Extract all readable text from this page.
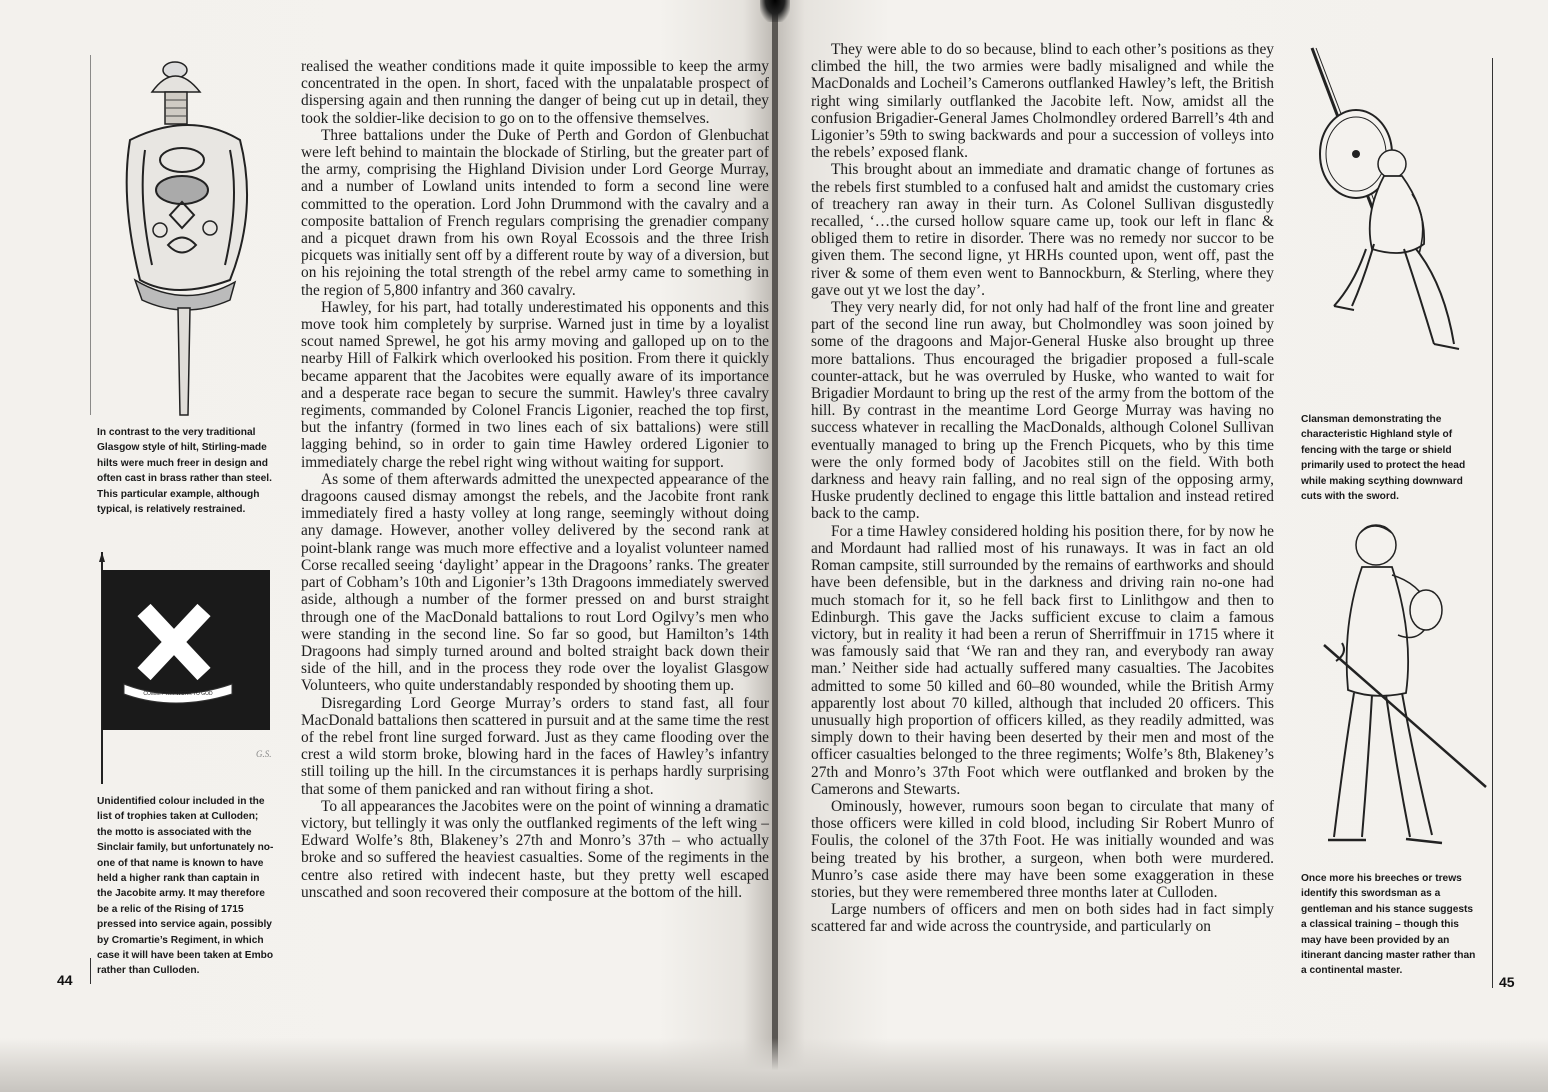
In contrast to the very traditional Glasgow style of hilt, Stirling-made hilts were much freer in design and often cast in brass rather than steel. This particular example, although typical, is relatively restrained.
COMMIT THY WORK TO GOD
G.S.
Unidentified colour included in the list of trophies taken at Culloden; the motto is associated with the Sinclair family, but unfortunately no-one of that name is known to have held a higher rank than captain in the Jacobite army. It may therefore be a relic of the Rising of 1715 pressed into service again, possibly by Cromartie’s Regiment, in which case it will have been taken at Embo rather than Culloden.
44

realised the weather conditions made it quite impossible to keep the army concentrated in the open. In short, faced with the unpalatable prospect of dispersing again and then running the danger of being cut up in detail, they took the soldier-like decision to go on to the offensive themselves.

Three battalions under the Duke of Perth and Gordon of Glenbuchat were left behind to maintain the blockade of Stirling, but the greater part of the army, comprising the Highland Division under Lord George Murray, and a number of Lowland units intended to form a second line were committed to the operation. Lord John Drummond with the cavalry and a composite battalion of French regulars comprising the grenadier company and a picquet drawn from his own Royal Ecossois and the three Irish picquets was initially sent off by a different route by way of a diversion, but on his rejoining the total strength of the rebel army came to something in the region of 5,800 infantry and 360 cavalry.

Hawley, for his part, had totally underestimated his opponents and this move took him completely by surprise. Warned just in time by a loyalist scout named Sprewel, he got his army moving and galloped up on to the nearby Hill of Falkirk which overlooked his position. From there it quickly became apparent that the Jacobites were equally aware of its importance and a desperate race began to secure the summit. Hawley's three cavalry regiments, commanded by Colonel Francis Ligonier, reached the top first, but the infantry (formed in two lines each of six battalions) were still lagging behind, so in order to gain time Hawley ordered Ligonier to immediately charge the rebel right wing without waiting for support.

As some of them afterwards admitted the unexpected appearance of the dragoons caused dismay amongst the rebels, and the Jacobite front rank immediately fired a hasty volley at long range, seemingly without doing any damage. However, another volley delivered by the second rank at point-blank range was much more effective and a loyalist volunteer named Corse recalled seeing ‘daylight’ appear in the Dragoons’ ranks. The greater part of Cobham’s 10th and Ligonier’s 13th Dragoons immediately swerved aside, although a number of the former pressed on and burst straight through one of the MacDonald battalions to rout Lord Ogilvy’s men who were standing in the second line. So far so good, but Hamilton’s 14th Dragoons had simply turned around and bolted straight back down their side of the hill, and in the process they rode over the loyalist Glasgow Volunteers, who quite understandably responded by shooting them up.

Disregarding Lord George Murray’s orders to stand fast, all four MacDonald battalions then scattered in pursuit and at the same time the rest of the rebel front line surged forward. Just as they came flooding over the crest a wild storm broke, blowing hard in the faces of Hawley’s infantry still toiling up the hill. In the circumstances it is perhaps hardly surprising that some of them panicked and ran without firing a shot.

To all appearances the Jacobites were on the point of winning a dramatic victory, but tellingly it was only the outflanked regiments of the left wing – Edward Wolfe’s 8th, Blakeney’s 27th and Monro’s 37th – who actually broke and so suffered the heaviest casualties. Some of the regiments in the centre also retired with indecent haste, but they pretty well escaped unscathed and soon recovered their composure at the bottom of the hill.

They were able to do so because, blind to each other’s positions as they climbed the hill, the two armies were badly misaligned and while the MacDonalds and Locheil’s Camerons outflanked Hawley’s left, the British right wing similarly outflanked the Jacobite left. Now, amidst all the confusion Brigadier-General James Cholmondley ordered Barrell’s 4th and Ligonier’s 59th to swing backwards and pour a succession of volleys into the rebels’ exposed flank.

This brought about an immediate and dramatic change of fortunes as the rebels first stumbled to a confused halt and amidst the customary cries of treachery ran away in their turn. As Colonel Sullivan disgustedly recalled, ‘…the cursed hollow square came up, took our left in flanc & obliged them to retire in disorder. There was no remedy nor succor to be given them. The second ligne, yt HRHs counted upon, went off, past the river & some of them even went to Bannockburn, & Sterling, where they gave out yt we lost the day’.

They very nearly did, for not only had half of the front line and greater part of the second line run away, but Cholmondley was soon joined by some of the dragoons and Major-General Huske also brought up three more battalions. Thus encouraged the brigadier proposed a full-scale counter-attack, but he was overruled by Huske, who wanted to wait for Brigadier Mordaunt to bring up the rest of the army from the bottom of the hill. By contrast in the meantime Lord George Murray was having no success whatever in recalling the MacDonalds, although Colonel Sullivan eventually managed to bring up the French Picquets, who by this time were the only formed body of Jacobites still on the field. With both darkness and heavy rain falling, and no real sign of the opposing army, Huske prudently declined to engage this little battalion and instead retired back to the camp.

For a time Hawley considered holding his position there, for by now he and Mordaunt had rallied most of his runaways. It was in fact an old Roman campsite, still surrounded by the remains of earthworks and should have been defensible, but in the darkness and driving rain no-one had much stomach for it, so he fell back first to Linlithgow and then to Edinburgh. This gave the Jacks sufficient excuse to claim a famous victory, but in reality it had been a rerun of Sherriffmuir in 1715 where it was famously said that ‘We ran and they ran, and everybody ran away man.’ Neither side had actually suffered many casualties. The Jacobites admitted to some 50 killed and 60–80 wounded, while the British Army apparently lost about 70 killed, although that included 20 officers. This unusually high proportion of officers killed, as they readily admitted, was simply down to their having been deserted by their men and most of the officer casualties belonged to the three regiments; Wolfe’s 8th, Blakeney’s 27th and Monro’s 37th Foot which were outflanked and broken by the Camerons and Stewarts.

Ominously, however, rumours soon began to circulate that many of those officers were killed in cold blood, including Sir Robert Munro of Foulis, the colonel of the 37th Foot. He was initially wounded and was being treated by his brother, a surgeon, when both were murdered. Munro’s case aside there may have been some exaggeration in these stories, but they were remembered three months later at Culloden.

Large numbers of officers and men on both sides had in fact simply scattered far and wide across the countryside, and particularly on

Clansman demonstrating the characteristic Highland style of fencing with the targe or shield primarily used to protect the head while making scything downward cuts with the sword.
Once more his breeches or trews identify this swordsman as a gentleman and his stance suggests a classical training – though this may have been provided by an itinerant dancing master rather than a continental master.
45
